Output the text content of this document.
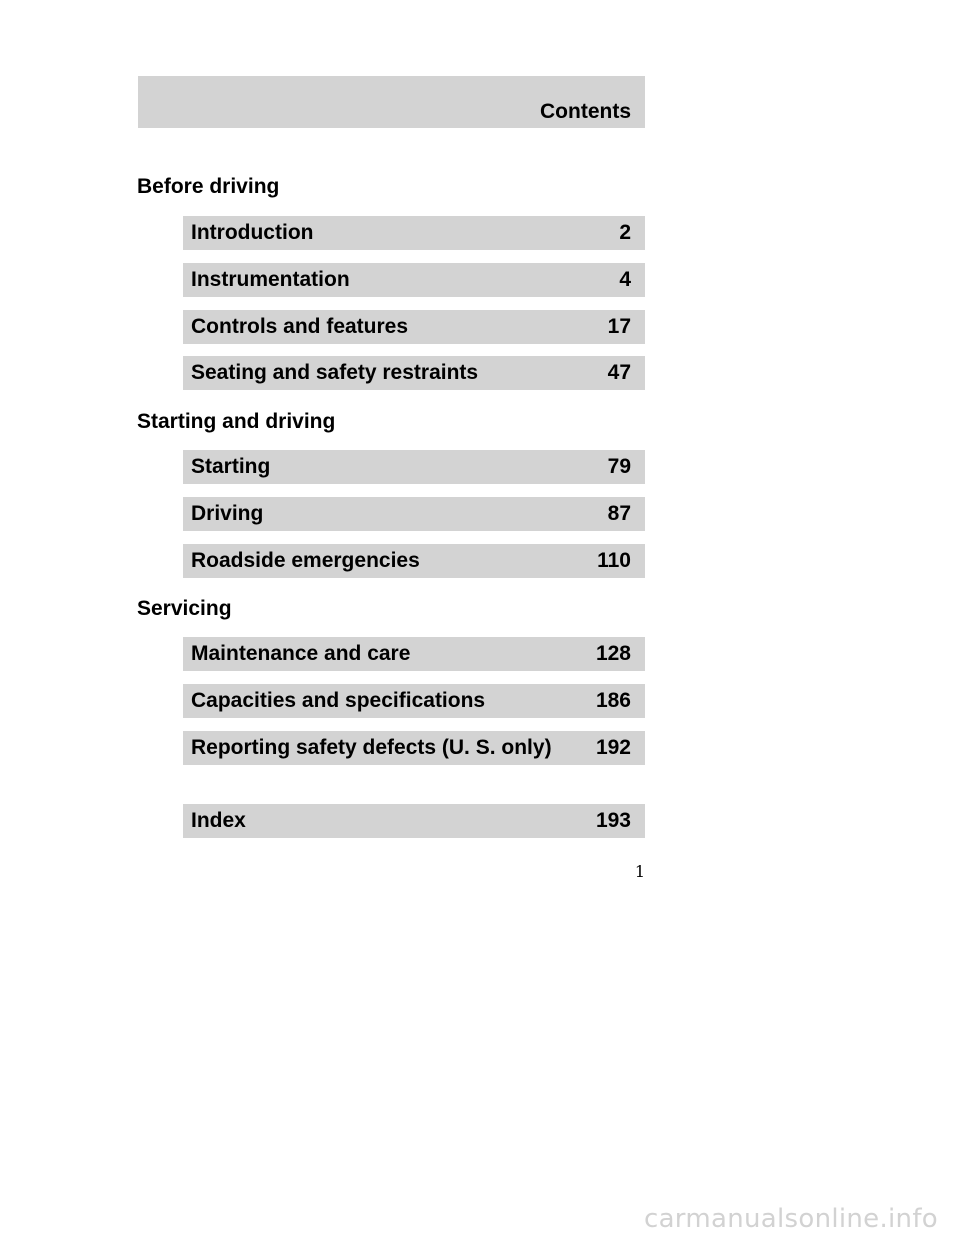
Contents
Before driving
Introduction	2
Instrumentation	4
Controls and features	17
Seating and safety restraints	47
Starting and driving
Starting	79
Driving	87
Roadside emergencies	110
Servicing
Maintenance and care	128
Capacities and specifications	186
Reporting safety defects (U. S. only) 192
Index	193
1
carmanualsonline.info
